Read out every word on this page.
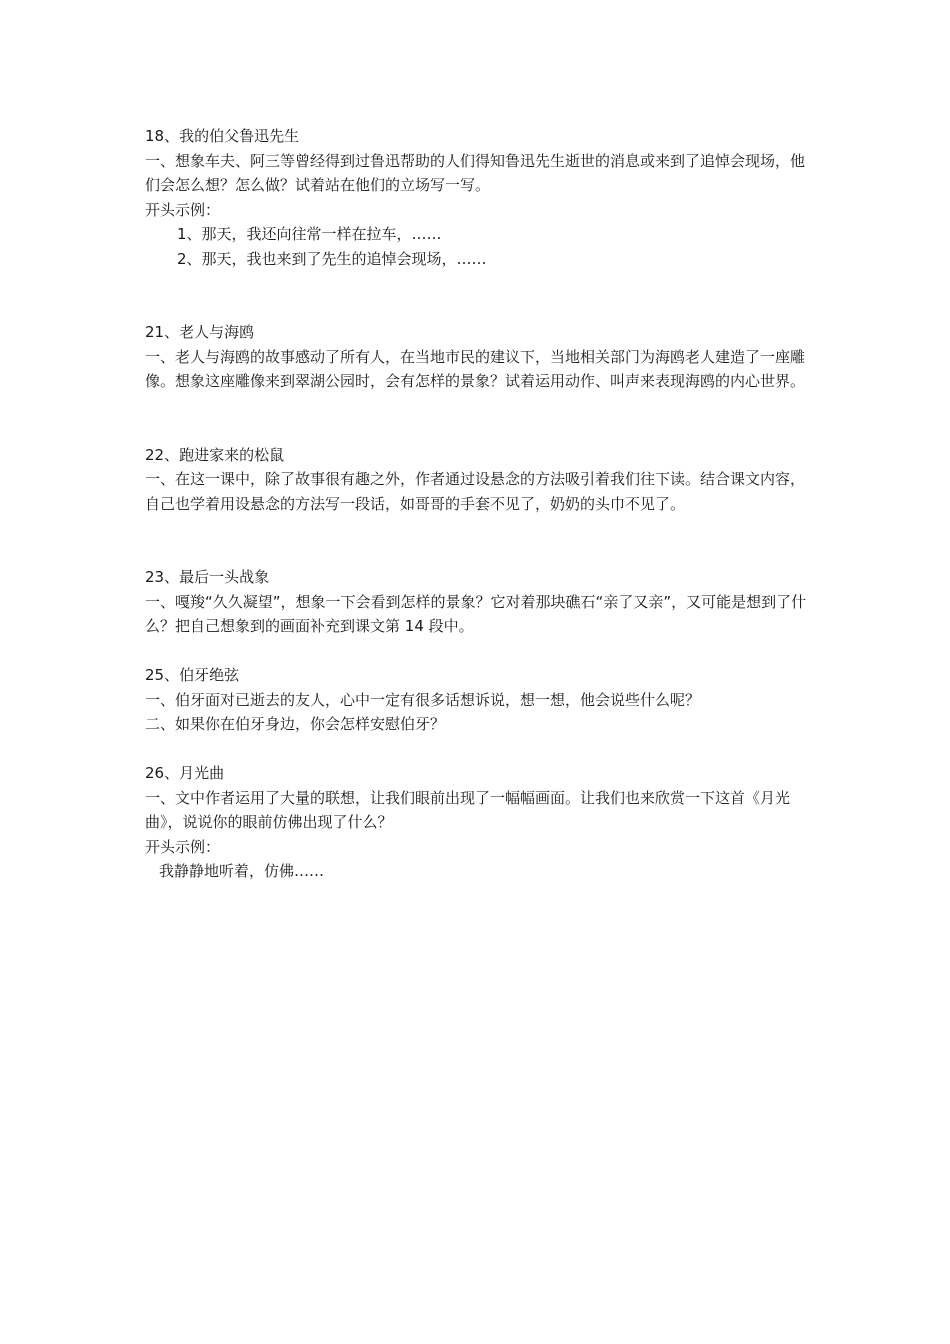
18、我的伯父鲁迅先生

一、想象车夫、阿三等曾经得到过鲁迅帮助的人们得知鲁迅先生逝世的消息或来到了追悼会现场，他们会怎么想？怎么做？试着站在他们的立场写一写。

开头示例：

1、那天，我还向往常一样在拉车，……

2、那天，我也来到了先生的追悼会现场，……

21、老人与海鸥

一、老人与海鸥的故事感动了所有人，在当地市民的建议下，当地相关部门为海鸥老人建造了一座雕像。想象这座雕像来到翠湖公园时，会有怎样的景象？试着运用动作、叫声来表现海鸥的内心世界。

22、跑进家来的松鼠

一、在这一课中，除了故事很有趣之外，作者通过设悬念的方法吸引着我们往下读。结合课文内容，自己也学着用设悬念的方法写一段话，如哥哥的手套不见了，奶奶的头巾不见了。

23、最后一头战象

一、嘎羧“久久凝望”，想象一下会看到怎样的景象？它对着那块礁石“亲了又亲”，又可能是想到了什么？把自己想象到的画面补充到课文第 14 段中。

25、伯牙绝弦

一、伯牙面对已逝去的友人，心中一定有很多话想诉说，想一想，他会说些什么呢？

二、如果你在伯牙身边，你会怎样安慰伯牙？

26、月光曲

一、文中作者运用了大量的联想，让我们眼前出现了一幅幅画面。让我们也来欣赏一下这首《月光曲》，说说你的眼前仿佛出现了什么？

开头示例：

我静静地听着，仿佛……
